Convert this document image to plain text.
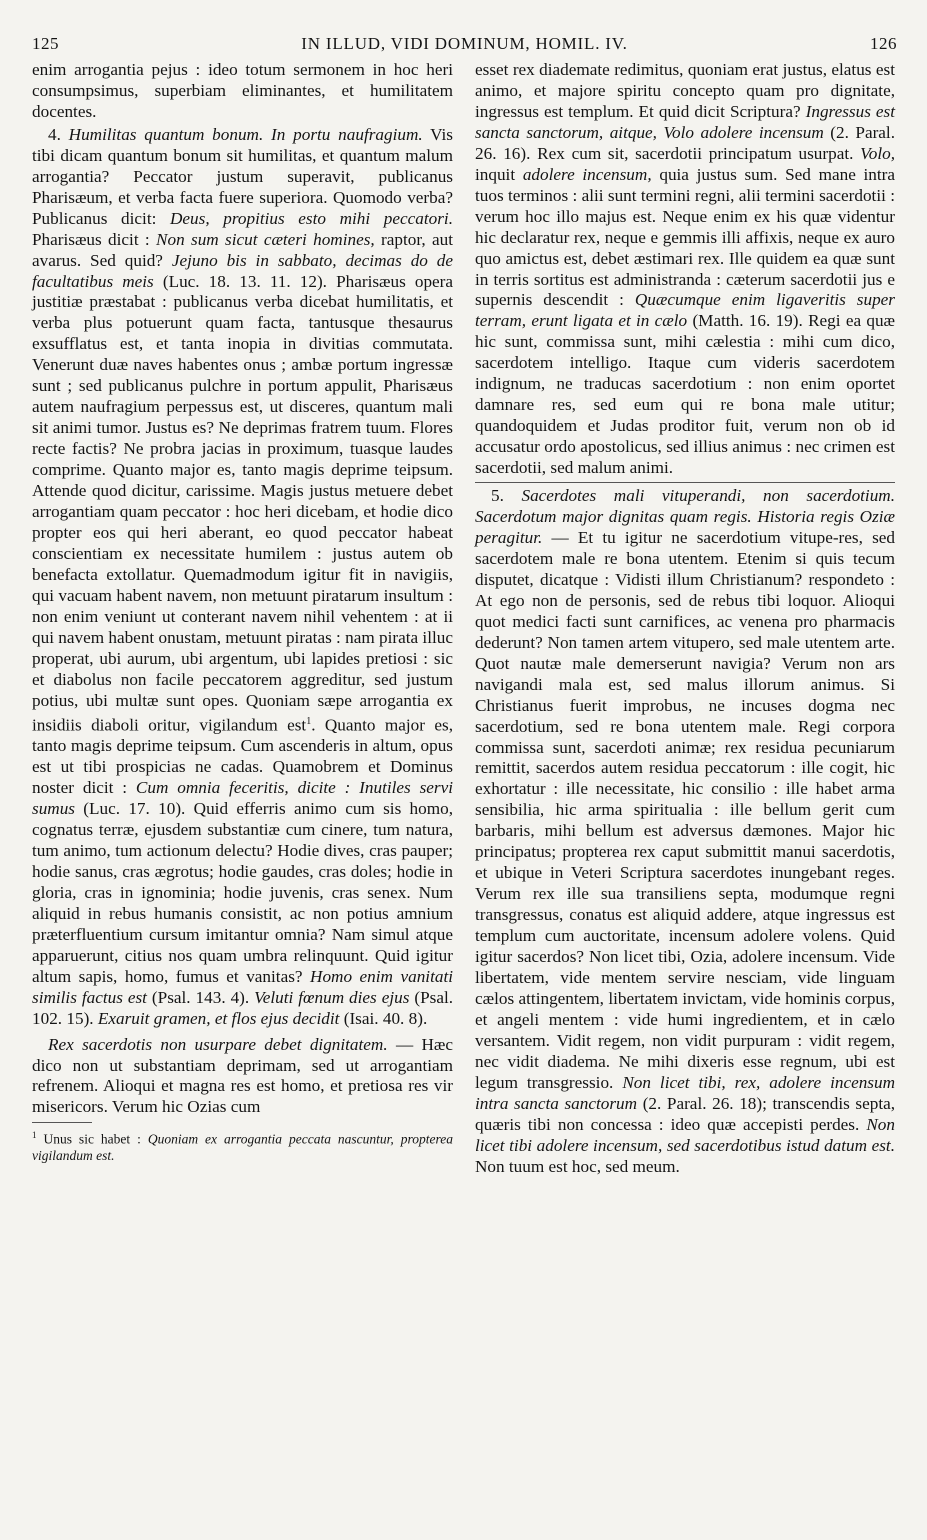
125	IN ILLUD, VIDI DOMINUM, HOMIL. IV.	126

enim arrogantia pejus : ideo totum sermonem in hoc heri consumpsimus, superbiam eliminantes, et humilitatem docentes.

4. Humilitas quantum bonum. In portu naufragium. Vis tibi dicam quantum bonum sit humilitas, et quantum malum arrogantia? Peccator justum superavit, publicanus Pharisæum, et verba facta fuere superiora. Quomodo verba? Publicanus dicit: Deus, propitius esto mihi peccatori. Pharisæus dicit : Non sum sicut cæteri homines, raptor, aut avarus. Sed quid? Jejuno bis in sabbato, decimas do de facultatibus meis (Luc. 18. 13. 11. 12). Pharisæus opera justitiæ præstabat : publicanus verba dicebat humilitatis, et verba plus potuerunt quam facta, tantusque thesaurus exsufflatus est, et tanta inopia in divitias commutata. Venerunt duæ naves habentes onus ; ambæ portum ingressæ sunt ; sed publicanus pulchre in portum appulit, Pharisæus autem naufragium perpessus est, ut disceres, quantum mali sit animi tumor. Justus es? Ne deprimas fratrem tuum. Flores recte factis? Ne probra jacias in proximum, tuasque laudes comprime. Quanto major es, tanto magis deprime teipsum. Attende quod dicitur, carissime. Magis justus metuere debet arrogantiam quam peccator : hoc heri dicebam, et hodie dico propter eos qui heri aberant, eo quod peccator habeat conscientiam ex necessitate humilem : justus autem ob benefacta extollatur. Quemadmodum igitur fit in navigiis, qui vacuam habent navem, non metuunt piratarum insultum : non enim veniunt ut conterant navem nihil vehentem : at ii qui navem habent onustam, metuunt piratas : nam pirata illuc properat, ubi aurum, ubi argentum, ubi lapides pretiosi : sic et diabolus non facile peccatorem aggreditur, sed justum potius, ubi multæ sunt opes. Quoniam sæpe arrogantia ex insidiis diaboli oritur, vigilandum est$^1$. Quanto major es, tanto magis deprime teipsum. Cum ascenderis in altum, opus est ut tibi prospicias ne cadas. Quamobrem et Dominus noster dicit : Cum omnia feceritis, dicite : Inutiles servi sumus (Luc. 17. 10). Quid efferris animo cum sis homo, cognatus terræ, ejusdem substantiæ cum cinere, tum natura, tum animo, tum actionum delectu? Hodie dives, cras pauper; hodie sanus, cras ægrotus; hodie gaudes, cras doles; hodie in gloria, cras in ignominia; hodie juvenis, cras senex. Num aliquid in rebus humanis consistit, ac non potius amnium præterfluentium cursum imitantur omnia? Nam simul atque apparuerunt, citius nos quam umbra relinquunt. Quid igitur altum sapis, homo, fumus et vanitas? Homo enim vanitati similis factus est (Psal. 143. 4). Veluti fœnum dies ejus (Psal. 102. 15). Exaruit gramen, et flos ejus decidit (Isai. 40. 8).

Rex sacerdotis non usurpare debet dignitatem. — Hæc dico non ut substantiam deprimam, sed ut arrogantiam refrenem. Alioqui et magna res est homo, et pretiosa res vir misericors. Verum hic Ozias cum

$^1$ Unus sic habet : Quoniam ex arrogantia peccata nascuntur, propterea vigilandum est.

esset rex diademate redimitus, quoniam erat justus, elatus est animo, et majore spiritu concepto quam pro dignitate, ingressus est templum. Et quid dicit Scriptura? Ingressus est sancta sanctorum, aitque, Volo adolere incensum (2. Paral. 26. 16). Rex cum sit, sacerdotii principatum usurpat. Volo, inquit adolere incensum, quia justus sum. Sed mane intra tuos terminos : alii sunt termini regni, alii termini sacerdotii : verum hoc illo majus est. Neque enim ex his quæ videntur hic declaratur rex, neque e gemmis illi affixis, neque ex auro quo amictus est, debet æstimari rex. Ille quidem ea quæ sunt in terris sortitus est administranda : cæterum sacerdotii jus e supernis descendit : Quæcumque enim ligaveritis super terram, erunt ligata et in cælo (Matth. 16. 19). Regi ea quæ hic sunt, commissa sunt, mihi cælestia : mihi cum dico, sacerdotem intelligo. Itaque cum videris sacerdotem indignum, ne traducas sacerdotium : non enim oportet damnare res, sed eum qui re bona male utitur; quandoquidem et Judas proditor fuit, verum non ob id accusatur ordo apostolicus, sed illius animus : nec crimen est sacerdotii, sed malum animi.

5. Sacerdotes mali vituperandi, non sacerdotium. Sacerdotum major dignitas quam regis. Historia regis Oziæ peragitur. — Et tu igitur ne sacerdotium vitupe-res, sed sacerdotem male re bona utentem. Etenim si quis tecum disputet, dicatque : Vidisti illum Christianum? respondeto : At ego non de personis, sed de rebus tibi loquor. Alioqui quot medici facti sunt carnifices, ac venena pro pharmacis dederunt? Non tamen artem vitupero, sed male utentem arte. Quot nautæ male demerserunt navigia? Verum non ars navigandi mala est, sed malus illorum animus. Si Christianus fuerit improbus, ne incuses dogma nec sacerdotium, sed re bona utentem male. Regi corpora commissa sunt, sacerdoti animæ; rex residua pecuniarum remittit, sacerdos autem residua peccatorum : ille cogit, hic exhortatur : ille necessitate, hic consilio : ille habet arma sensibilia, hic arma spiritualia : ille bellum gerit cum barbaris, mihi bellum est adversus dæmones. Major hic principatus; propterea rex caput submittit manui sacerdotis, et ubique in Veteri Scriptura sacerdotes inungebant reges. Verum rex ille sua transiliens septa, modumque regni transgressus, conatus est aliquid addere, atque ingressus est templum cum auctoritate, incensum adolere volens. Quid igitur sacerdos? Non licet tibi, Ozia, adolere incensum. Vide libertatem, vide mentem servire nesciam, vide linguam cælos attingentem, libertatem invictam, vide hominis corpus, et angeli mentem : vide humi ingredientem, et in cælo versantem. Vidit regem, non vidit purpuram : vidit regem, nec vidit diadema. Ne mihi dixeris esse regnum, ubi est legum transgressio. Non licet tibi, rex, adolere incensum intra sancta sanctorum (2. Paral. 26. 18); transcendis septa, quæris tibi non concessa : ideo quæ accepisti perdes. Non licet tibi adolere incensum, sed sacerdotibus istud datum est. Non tuum est hoc, sed meum.
